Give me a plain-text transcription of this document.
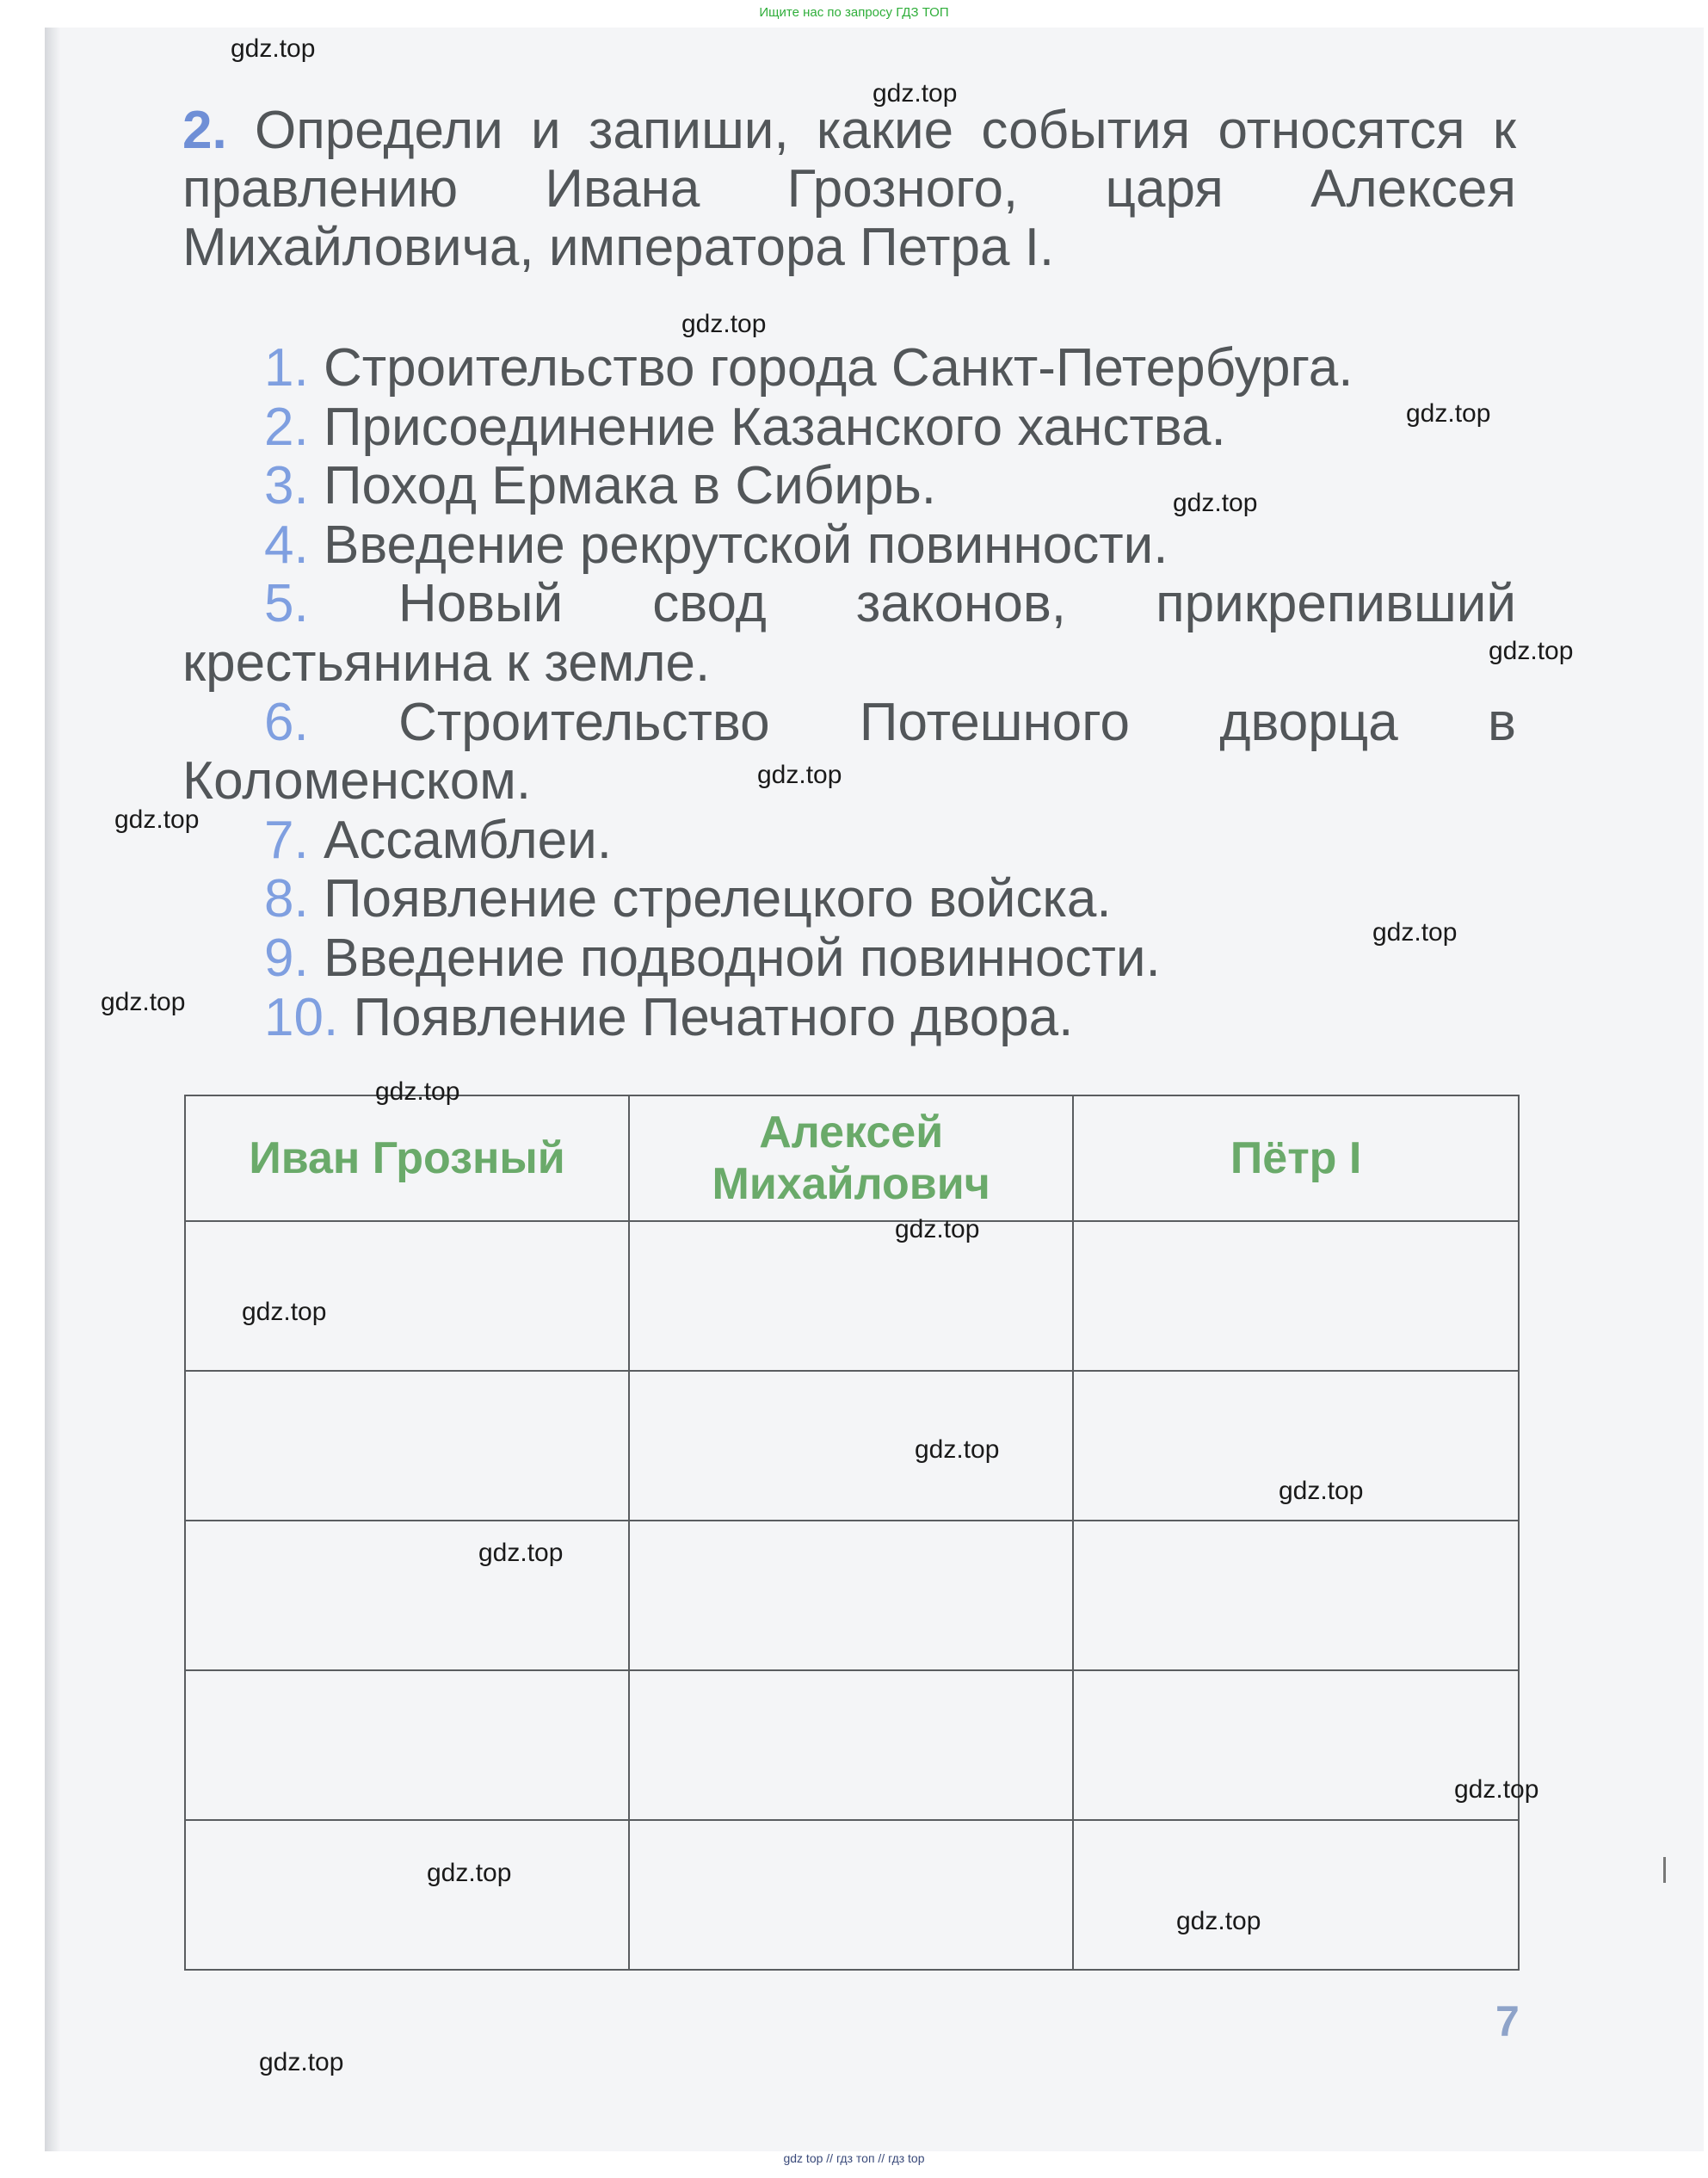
Ищите нас по запросу ГДЗ ТОП
2. Определи и запиши, какие события относятся к правлению Ивана Грозного, царя Алексея Михайловича, императора Петра I.
1. Строительство города Санкт-Петербурга.
2. Присоединение Казанского ханства.
3. Поход Ермака в Сибирь.
4. Введение рекрутской повинности.
5. Новый свод законов, прикрепивший крестьянина к земле.
6. Строительство Потешного дворца в Коломенском.
7. Ассамблеи.
8. Появление стрелецкого войска.
9. Введение подводной повинности.
10. Появление Печатного двора.
Иван Грозный	Алексей Михайлович	Пётр I

7
gdz.top
gdz.top
gdz.top
gdz.top
gdz.top
gdz.top
gdz.top
gdz.top
gdz.top
gdz.top
gdz.top
gdz.top
gdz.top
gdz.top
gdz.top
gdz.top
gdz.top
gdz.top
gdz.top
gdz.top
gdz top // гдз топ // гдз top
